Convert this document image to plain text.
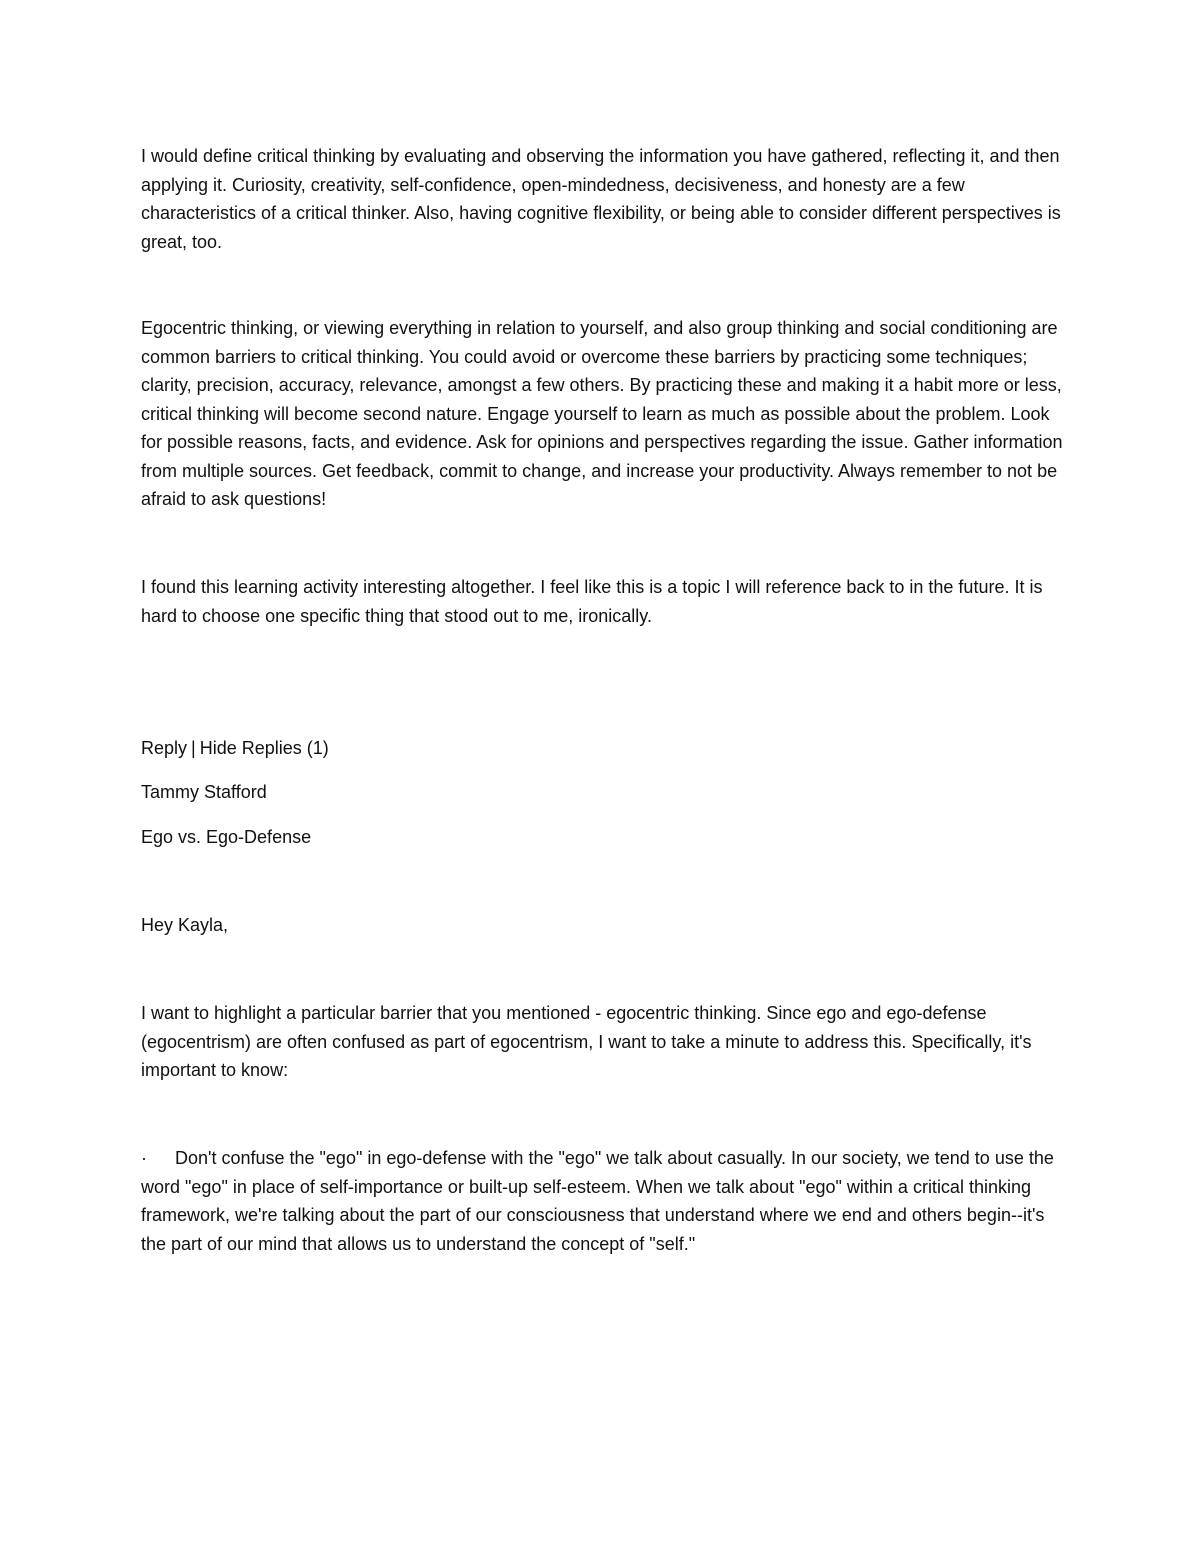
I would define critical thinking by evaluating and observing the information you have gathered, reflecting it, and then applying it. Curiosity, creativity, self-confidence, open-mindedness, decisiveness, and honesty are a few characteristics of a critical thinker. Also, having cognitive flexibility, or being able to consider different perspectives is great, too.

Egocentric thinking, or viewing everything in relation to yourself, and also group thinking and social conditioning are common barriers to critical thinking. You could avoid or overcome these barriers by practicing some techniques; clarity, precision, accuracy, relevance, amongst a few others. By practicing these and making it a habit more or less, critical thinking will become second nature. Engage yourself to learn as much as possible about the problem. Look for possible reasons, facts, and evidence. Ask for opinions and perspectives regarding the issue. Gather information from multiple sources. Get feedback, commit to change, and increase your productivity. Always remember to not be afraid to ask questions!

I found this learning activity interesting altogether. I feel like this is a topic I will reference back to in the future. It is hard to choose one specific thing that stood out to me, ironically.

Reply | Hide Replies (1)
Tammy Stafford
Ego vs. Ego-Defense
Hey Kayla,

I want to highlight a particular barrier that you mentioned - egocentric thinking. Since ego and ego-defense (egocentrism) are often confused as part of egocentrism, I want to take a minute to address this. Specifically, it's important to know:

· Don't confuse the "ego" in ego-defense with the "ego" we talk about casually. In our society, we tend to use the word "ego" in place of self-importance or built-up self-esteem. When we talk about "ego" within a critical thinking framework, we're talking about the part of our consciousness that understand where we end and others begin--it's the part of our mind that allows us to understand the concept of "self."
